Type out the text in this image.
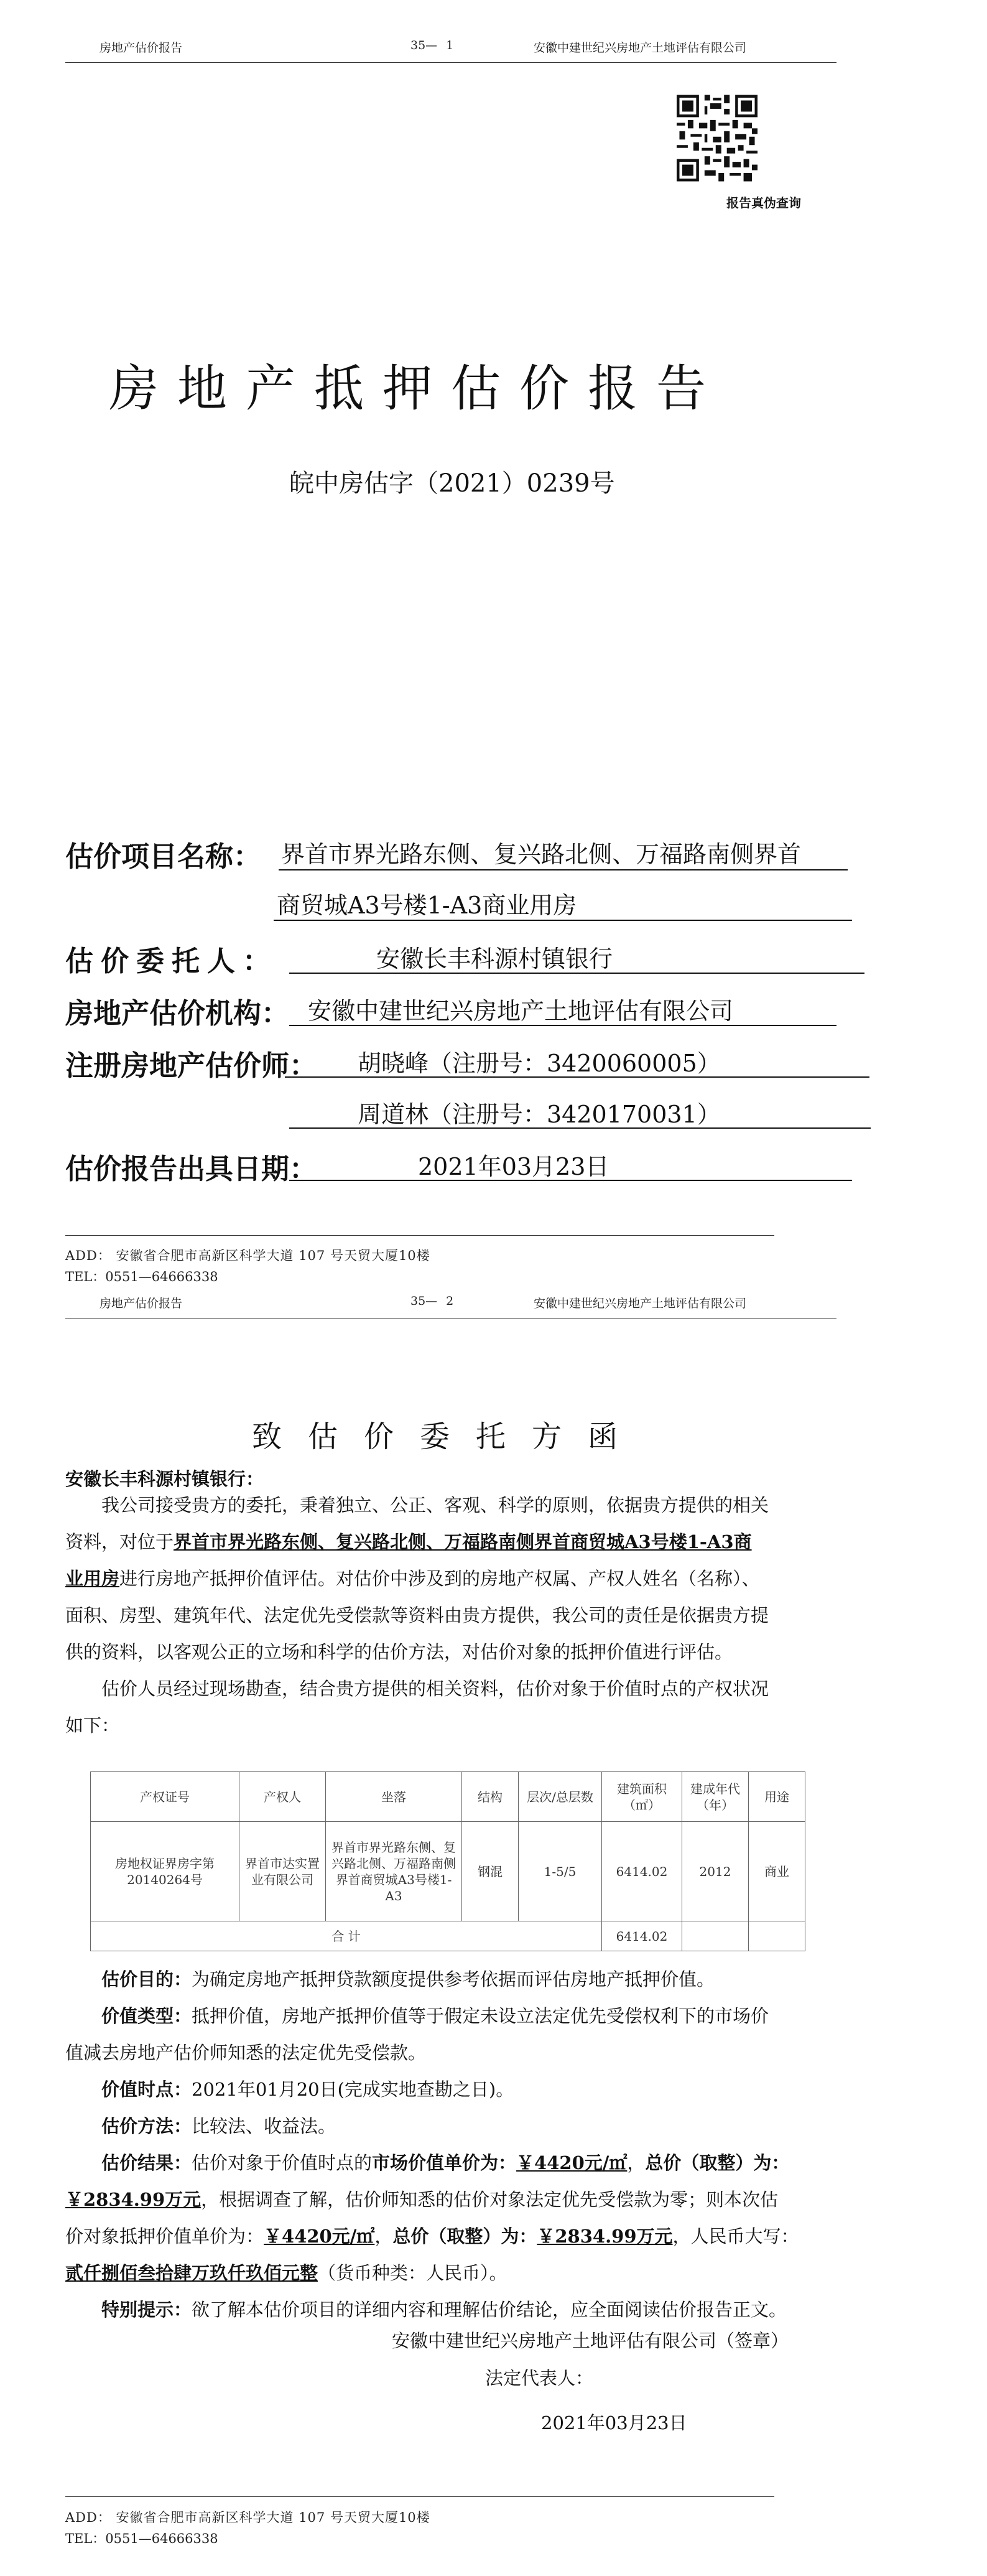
房地产估价报告	35— 1	安徽中建世纪兴房地产土地评估有限公司
报告真伪查询
房地产抵押估价报告
皖中房估字（2021）0239号
估价项目名称： 界首市界光路东侧、复兴路北侧、万福路南侧界首
商贸城A3号楼1-A3商业用房
估价委托人：	安徽长丰科源村镇银行
房地产估价机构： 安徽中建世纪兴房地产土地评估有限公司
注册房地产估价师： 胡晓峰（注册号：3420060005）
周道林（注册号：3420170031）
估价报告出具日期：	2021年03月23日
ADD： 安徽省合肥市高新区科学大道 107 号天贸大厦10楼
TEL：0551—64666338
房地产估价报告	35— 2	安徽中建世纪兴房地产土地评估有限公司
致估价委托方函
安徽长丰科源村镇银行：
我公司接受贵方的委托，秉着独立、公正、客观、科学的原则，依据贵方提供的相关
资料，对位于界首市界光路东侧、复兴路北侧、万福路南侧界首商贸城A3号楼1-A3商
业用房进行房地产抵押价值评估。对估价中涉及到的房地产权属、产权人姓名（名称）、
面积、房型、建筑年代、法定优先受偿款等资料由贵方提供，我公司的责任是依据贵方提
供的资料，以客观公正的立场和科学的估价方法，对估价对象的抵押价值进行评估。
估价人员经过现场勘查，结合贵方提供的相关资料，估价对象于价值时点的产权状况
如下：
产权证号	产权人	坐落	结构	层次/总层数	建筑面积（㎡）	建成年代（年）	用途
房地权证界房字第20140264号	界首市达实置业有限公司	界首市界光路东侧、复兴路北侧、万福路南侧界首商贸城A3号楼1-A3	钢混	1-5/5	6414.02	2012	商业
合 计					6414.02		
估价目的：为确定房地产抵押贷款额度提供参考依据而评估房地产抵押价值。
价值类型：抵押价值，房地产抵押价值等于假定未设立法定优先受偿权利下的市场价
值减去房地产估价师知悉的法定优先受偿款。
价值时点：2021年01月20日(完成实地查勘之日)。
估价方法：比较法、收益法。
估价结果：估价对象于价值时点的市场价值单价为：￥4420元/㎡，总价（取整）为：
￥2834.99万元，根据调查了解，估价师知悉的估价对象法定优先受偿款为零；则本次估
价对象抵押价值单价为：￥4420元/㎡，总价（取整）为：￥2834.99万元，人民币大写：
贰仟捌佰叁拾肆万玖仟玖佰元整（货币种类：人民币）。
特别提示：欲了解本估价项目的详细内容和理解估价结论，应全面阅读估价报告正文。
安徽中建世纪兴房地产土地评估有限公司（签章）
法定代表人：
2021年03月23日
ADD： 安徽省合肥市高新区科学大道 107 号天贸大厦10楼
TEL：0551—64666338
